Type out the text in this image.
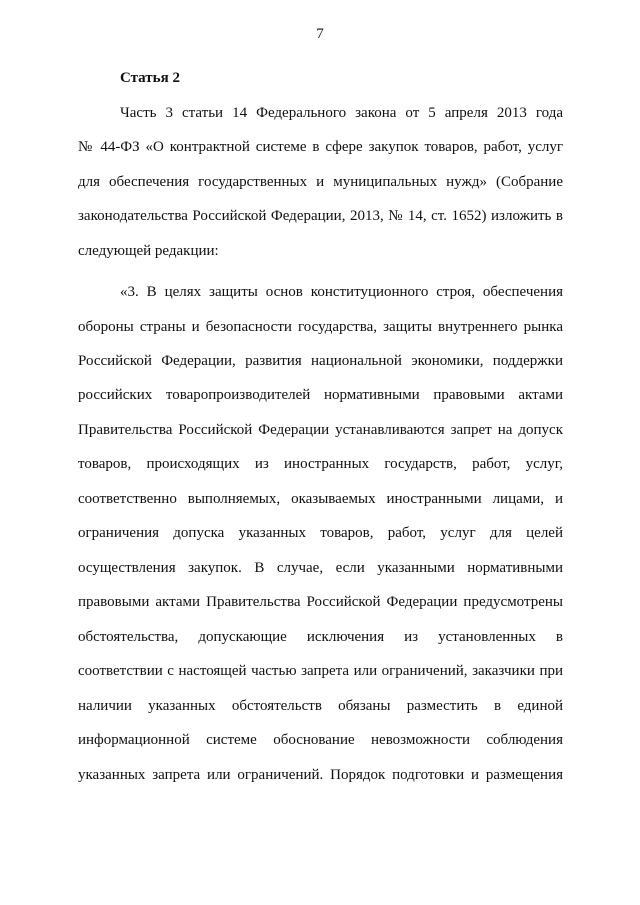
7
Статья 2
Часть 3 статьи 14 Федерального закона от 5 апреля 2013 года
№ 44-ФЗ «О контрактной системе в сфере закупок товаров, работ, услуг
для обеспечения государственных и муниципальных нужд» (Собрание
законодательства Российской Федерации, 2013, № 14, ст. 1652) изложить в
следующей редакции:
«3. В целях защиты основ конституционного строя, обеспечения
обороны страны и безопасности государства, защиты внутреннего рынка
Российской Федерации, развития национальной экономики, поддержки
российских товаропроизводителей нормативными правовыми актами
Правительства Российской Федерации устанавливаются запрет на допуск
товаров, происходящих из иностранных государств, работ, услуг,
соответственно выполняемых, оказываемых иностранными лицами, и
ограничения допуска указанных товаров, работ, услуг для целей
осуществления закупок. В случае, если указанными нормативными
правовыми актами Правительства Российской Федерации предусмотрены
обстоятельства, допускающие исключения из установленных в
соответствии с настоящей частью запрета или ограничений, заказчики при
наличии указанных обстоятельств обязаны разместить в единой
информационной системе обоснование невозможности соблюдения
указанных запрета или ограничений. Порядок подготовки и размещения
